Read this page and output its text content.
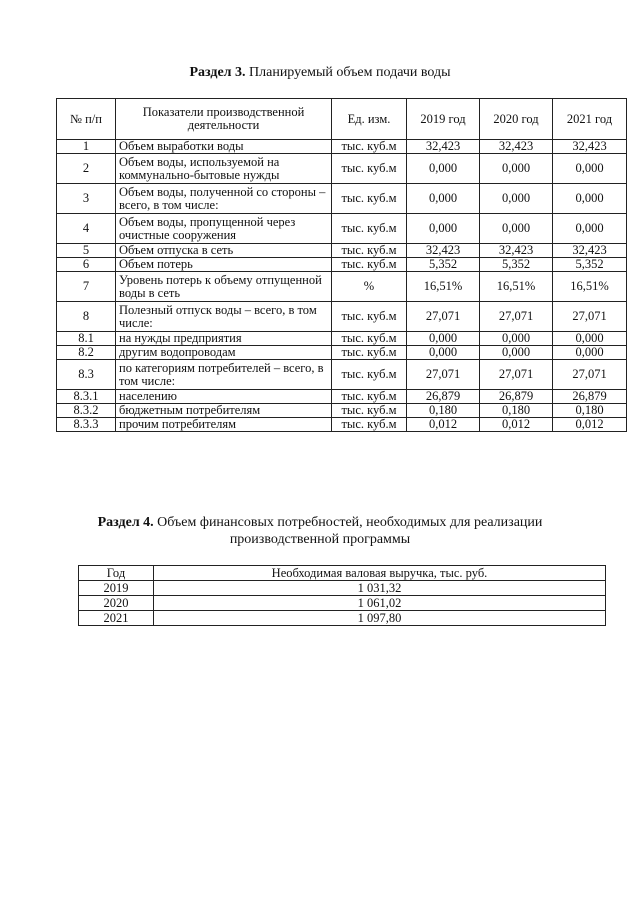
Раздел 3. Планируемый объем подачи воды
№ п/п	Показатели производственной деятельности	Ед. изм.	2019 год	2020 год	2021 год
1	Объем выработки воды	тыс. куб.м	32,423	32,423	32,423
2	Объем воды, используемой на коммунально-бытовые нужды	тыс. куб.м	0,000	0,000	0,000
3	Объем воды, полученной со стороны – всего, в том числе:	тыс. куб.м	0,000	0,000	0,000
4	Объем воды, пропущенной через очистные сооружения	тыс. куб.м	0,000	0,000	0,000
5	Объем отпуска в сеть	тыс. куб.м	32,423	32,423	32,423
6	Объем потерь	тыс. куб.м	5,352	5,352	5,352
7	Уровень потерь к объему отпущенной воды в сеть	%	16,51%	16,51%	16,51%
8	Полезный отпуск воды – всего, в том числе:	тыс. куб.м	27,071	27,071	27,071
8.1	на нужды предприятия	тыс. куб.м	0,000	0,000	0,000
8.2	другим водопроводам	тыс. куб.м	0,000	0,000	0,000
8.3	по категориям потребителей – всего, в том числе:	тыс. куб.м	27,071	27,071	27,071
8.3.1	населению	тыс. куб.м	26,879	26,879	26,879
8.3.2	бюджетным потребителям	тыс. куб.м	0,180	0,180	0,180
8.3.3	прочим потребителям	тыс. куб.м	0,012	0,012	0,012
Раздел 4. Объем финансовых потребностей, необходимых для реализации
производственной программы
Год	Необходимая валовая выручка, тыс. руб.
2019	1 031,32
2020	1 061,02
2021	1 097,80
